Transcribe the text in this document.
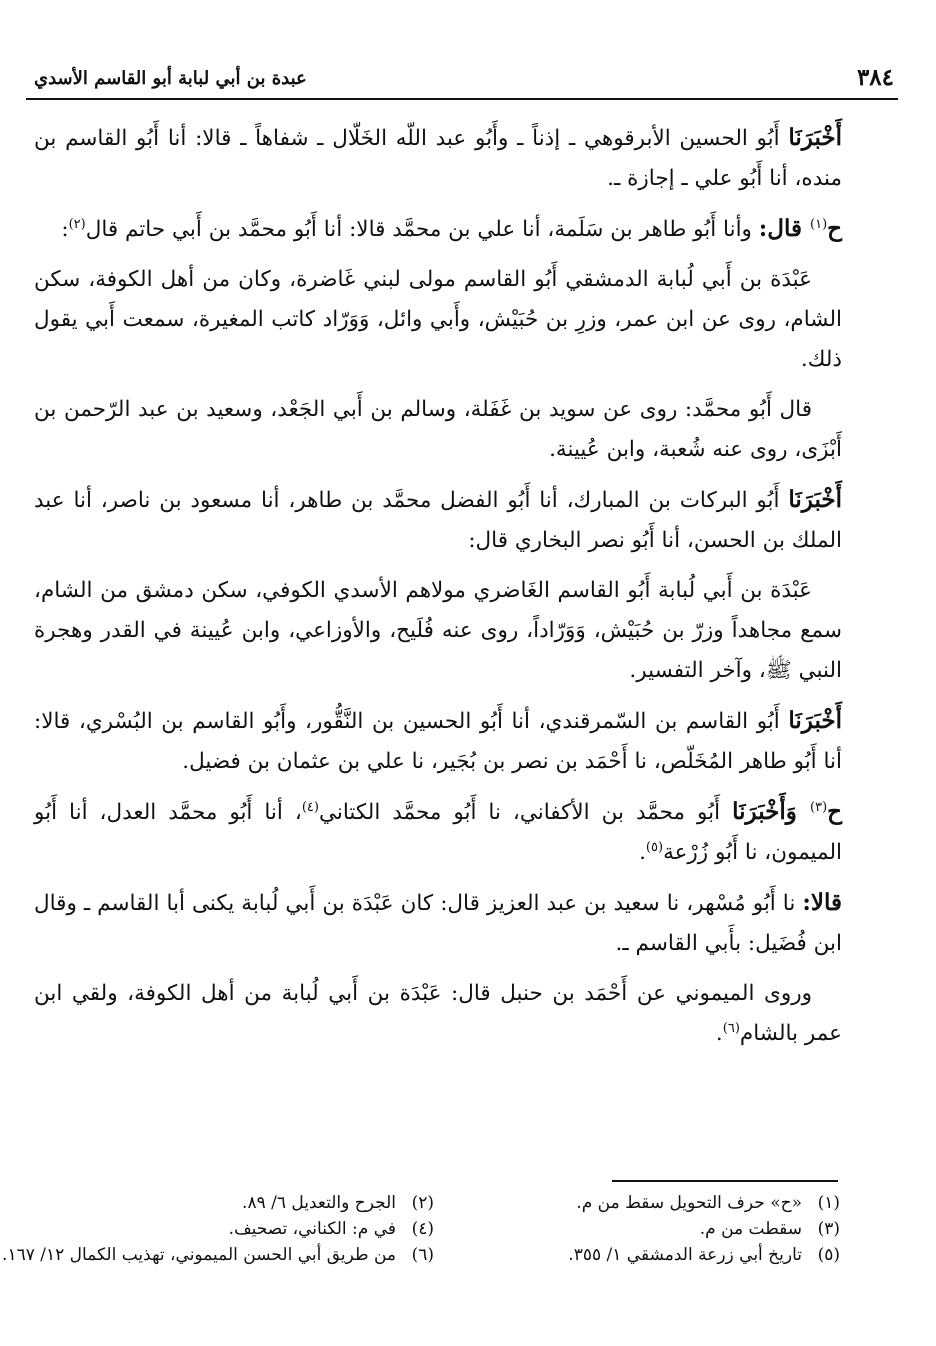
٣٨٤
عبدة بن أبي لبابة أبو القاسم الأسدي

أَخْبَرَنَا أَبُو الحسين الأبرقوهي ـ إذناً ـ وأَبُو عبد اللّه الخَلّال ـ شفاهاً ـ قالا: أنا أَبُو القاسم بن منده، أنا أَبُو علي ـ إجازة ـ.

ح$^{(١)}$ قال: وأنا أَبُو طاهر بن سَلَمة، أنا علي بن محمَّد قالا: أنا أَبُو محمَّد بن أَبي حاتم قال$^{(٢)}$:

عَبْدَة بن أَبي لُبابة الدمشقي أَبُو القاسم مولى لبني غَاضرة، وكان من أهل الكوفة، سكن الشام، روى عن ابن عمر، وزرِ بن حُبَيْش، وأَبي وائل، وَوَرّاد كاتب المغيرة، سمعت أَبي يقول ذلك.

قال أَبُو محمَّد: روى عن سويد بن غَفَلة، وسالم بن أَبي الجَعْد، وسعيد بن عبد الرّحمن بن أَبْزَى، روى عنه شُعبة، وابن عُيينة.

أَخْبَرَنَا أَبُو البركات بن المبارك، أنا أَبُو الفضل محمَّد بن طاهر، أنا مسعود بن ناصر، أنا عبد الملك بن الحسن، أنا أَبُو نصر البخاري قال:

عَبْدَة بن أَبي لُبابة أَبُو القاسم الغَاضري مولاهم الأسدي الكوفي، سكن دمشق من الشام، سمع مجاهداً وزرّ بن حُبَيْش، وَوَرّاداً، روى عنه فُلَيح، والأوزاعي، وابن عُيينة في القدر وهجرة النبي ﷺ، وآخر التفسير.

أَخْبَرَنَا أَبُو القاسم بن السّمرقندي، أنا أَبُو الحسين بن النَّقُّور، وأَبُو القاسم بن البُسْري، قالا: أنا أَبُو طاهر المُخَلّص، نا أَحْمَد بن نصر بن بُجَير، نا علي بن عثمان بن فضيل.

ح$^{(٣)}$ وَأَخْبَرَنَا أَبُو محمَّد بن الأكفاني، نا أَبُو محمَّد الكتاني$^{(٤)}$، أنا أَبُو محمَّد العدل، أنا أَبُو الميمون، نا أَبُو زُرْعة$^{(٥)}$.

قالا: نا أَبُو مُسْهر، نا سعيد بن عبد العزيز قال: كان عَبْدَة بن أَبي لُبابة يكنى أبا القاسم ـ وقال ابن فُضَيل: بأَبي القاسم ـ.

وروى الميموني عن أَحْمَد بن حنبل قال: عَبْدَة بن أَبي لُبابة من أهل الكوفة، ولقي ابن عمر بالشام$^{(٦)}$.

(١)
«ح» حرف التحويل سقط من م.
(٢)
الجرح والتعديل ٦/ ٨٩.
(٣)
سقطت من م.
(٤)
في م: الكناني، تصحيف.
(٥)
تاريخ أبي زرعة الدمشقي ١/ ٣٥٥.
(٦)
من طريق أبي الحسن الميموني، تهذيب الكمال ١٢/ ١٦٧.
